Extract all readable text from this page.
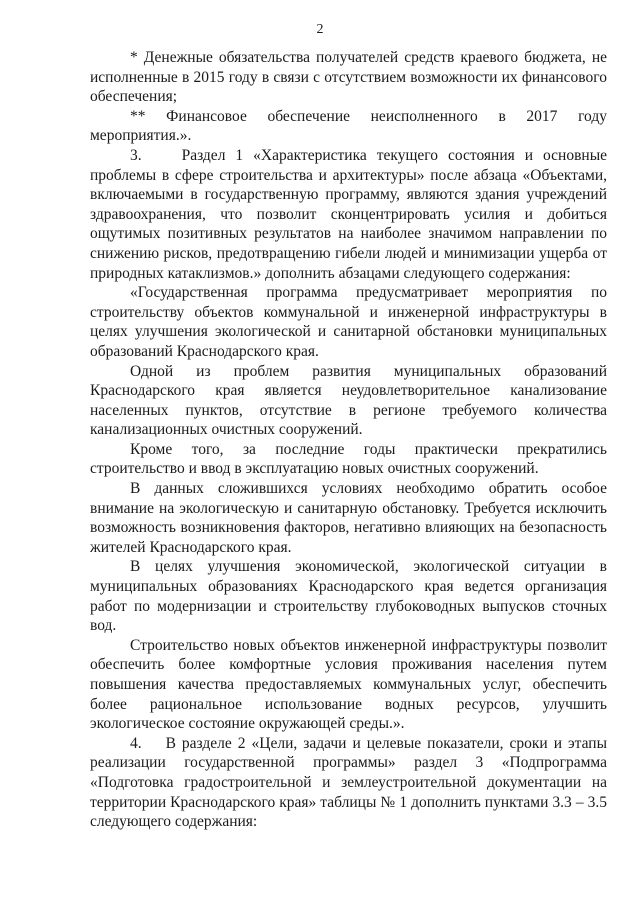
2

* Денежные обязательства получателей средств краевого бюджета, не исполненные в 2015 году в связи с отсутствием возможности их финансового обеспечения;

** Финансовое обеспечение неисполненного в 2017 году мероприятия.».

3.    Раздел 1 «Характеристика текущего состояния и основные проблемы в сфере строительства и архитектуры» после абзаца «Объектами, включаемыми в государственную программу, являются здания учреждений здравоохранения, что позволит сконцентрировать усилия и добиться ощутимых позитивных результатов на наиболее значимом направлении по снижению рисков, предотвращению гибели людей и минимизации ущерба от природных катаклизмов.» дополнить абзацами следующего содержания:

«Государственная программа предусматривает мероприятия по строительству объектов коммунальной и инженерной инфраструктуры в целях улучшения экологической и санитарной обстановки муниципальных образований Краснодарского края.

Одной из проблем развития муниципальных образований Краснодарского края является неудовлетворительное канализование населенных пунктов, отсутствие в регионе требуемого количества канализационных очистных сооружений.

Кроме того, за последние годы практически прекратились строительство и ввод в эксплуатацию новых очистных сооружений.

В данных сложившихся условиях необходимо обратить особое внимание на экологическую и санитарную обстановку. Требуется исключить возможность возникновения факторов, негативно влияющих на безопасность жителей Краснодарского края.

В целях улучшения экономической, экологической ситуации в муниципальных образованиях Краснодарского края ведется организация работ по модернизации и строительству глубоководных выпусков сточных вод.

Строительство новых объектов инженерной инфраструктуры позволит обеспечить более комфортные условия проживания населения путем повышения качества предоставляемых коммунальных услуг, обеспечить более рациональное использование водных ресурсов, улучшить экологическое состояние окружающей среды.».

4.    В разделе 2 «Цели, задачи и целевые показатели, сроки и этапы реализации государственной программы» раздел 3 «Подпрограмма «Подготовка градостроительной и землеустроительной документации на территории Краснодарского края» таблицы № 1 дополнить пунктами 3.3 – 3.5 следующего содержания:
